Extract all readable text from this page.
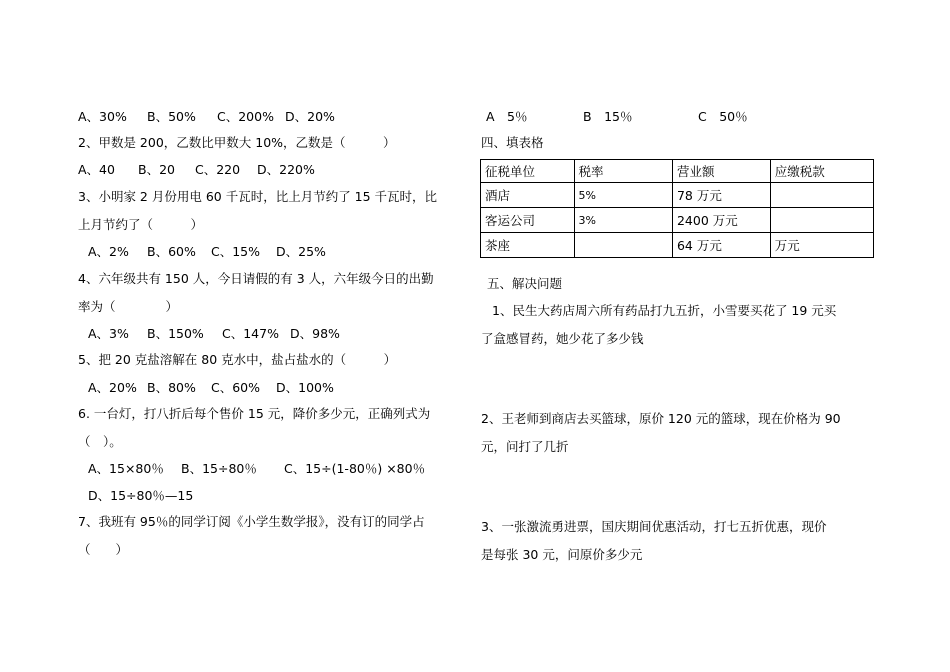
A、30% B、50% C、200% D、20%
2、甲数是 200，乙数比甲数大 10%，乙数是（　　　）
A、40 B、20 C、220 D、220%
3、小明家 2 月份用电 60 千瓦时，比上月节约了 15 千瓦时，比
上月节约了（　　　）
A、2% B、60% C、15% D、25%
4、六年级共有 150 人，今日请假的有 3 人，六年级今日的出勤
率为（　　　　）
A、3% B、150% C、147% D、98%
5、把 20 克盐溶解在 80 克水中，盐占盐水的（　　　）
A、20% B、80% C、60% D、100%
6. 一台灯，打八折后每个售价 15 元，降价多少元，正确列式为
（　）。
A、15×80％ B、15÷80％ C、15÷(1-80％) ×80％
D、15÷80％—15
7、我班有 95％的同学订阅《小学生数学报》，没有订的同学占
（　　）
A　5％	B　15％	C　50％
四、填表格
征税单位	税率	营业额	应缴税款
酒店	5%	78 万元	
客运公司	3%	2400 万元	
茶座		64 万元	万元
五、解决问题
1、民生大药店周六所有药品打九五折，小雪要买花了 19 元买
了盒感冒药，她少花了多少钱
2、王老师到商店去买篮球，原价 120 元的篮球，现在价格为 90
元，问打了几折
3、一张激流勇进票，国庆期间优惠活动，打七五折优惠，现价
是每张 30 元，问原价多少元
